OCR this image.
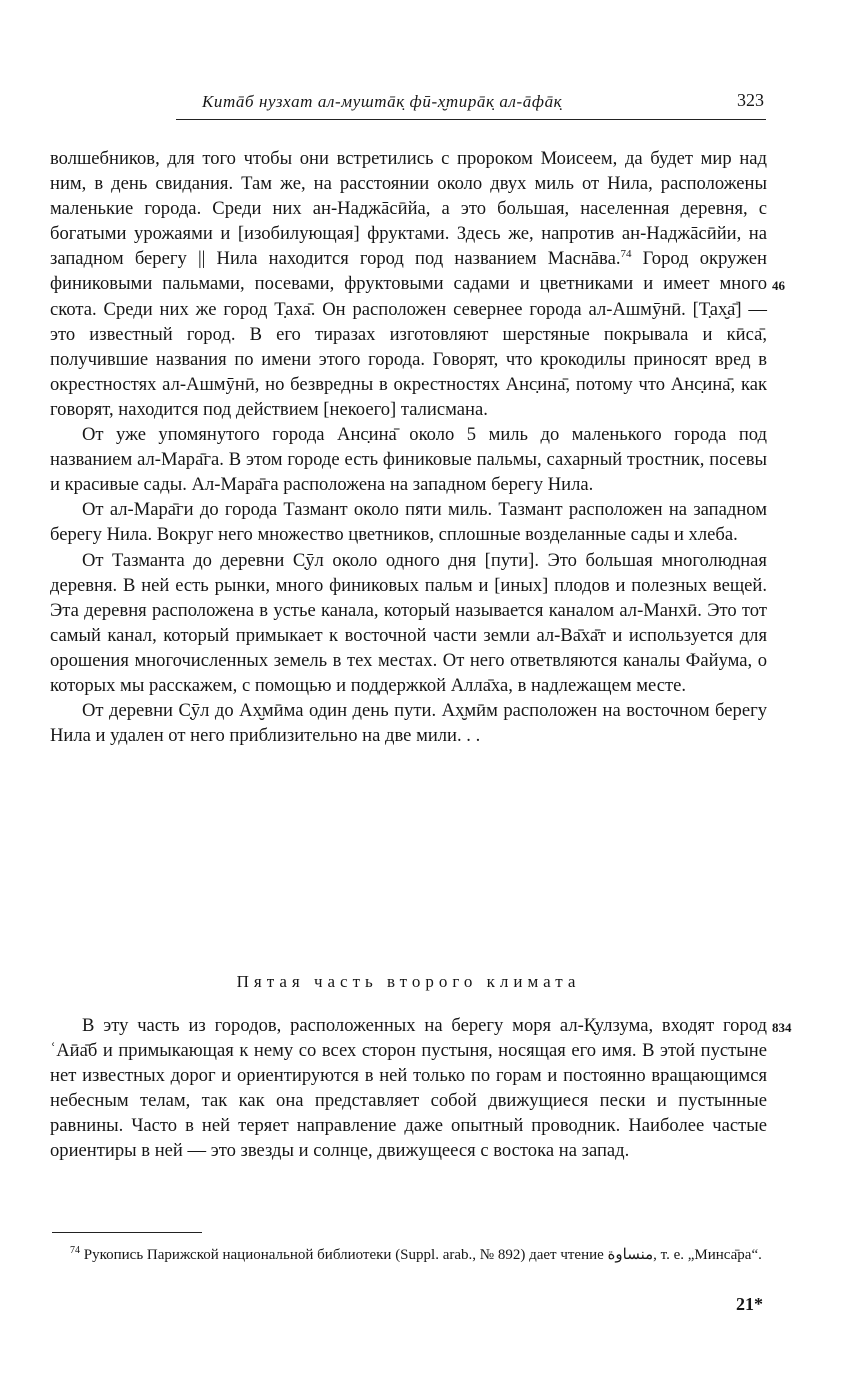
Китāб нузхат ал-муштāк̣ фӣ-х̮тирāк̣ ал-āфāк̣	323
46
834

волшебников, для того чтобы они встретились с пророком Моисеем, да будет мир над ним, в день свидания. Там же, на расстоянии около двух миль от Нила, расположены маленькие города. Среди них ан-Наджāсӣйа, а это большая, населенная деревня, с богатыми урожаями и [изобилующая] фруктами. Здесь же, напротив ан-Наджāсӣйи, на западном берегу || Нила находится город под названием Маснāва.$^{74}$ Город окружен финиковыми пальмами, посевами, фруктовыми садами и цветниками и имеет много скота. Среди них же город Т̣аха̄. Он расположен севернее города ал-Ашмӯнӣ. [Т̣ах̮а̄] — это известный город. В его тиразах изготовляют шерстяные покрывала и кӣса̄, получившие названия по имени этого города. Говорят, что крокодилы приносят вред в окрестностях ал-Ашмӯнӣ, но безвредны в окрестностях Анс̣ина̄, потому что Анс̣ина̄, как говорят, находится под действием [некоего] талисмана.

От уже упомянутого города Анс̣ина̄ около 5 миль до маленького города под названием ал-Мара̄га. В этом городе есть финиковые пальмы, сахарный тростник, посевы и красивые сады. Ал-Мара̄га расположена на западном берегу Нила.

От ал-Мара̄ги до города Тазмант около пяти миль. Тазмант расположен на западном берегу Нила. Вокруг него множество цветников, сплошные возделанные сады и хлеба.

От Тазманта до деревни С̣ӯл около одного дня [пути]. Это большая многолюдная деревня. В ней есть рынки, много финиковых пальм и [иных] плодов и полезных вещей. Эта деревня расположена в устье канала, который называется каналом ал-Манхӣ. Это тот самый канал, который примыкает к восточной части земли ал-Ва̄ха̄т и используется для орошения многочисленных земель в тех местах. От него ответвляются каналы Файума, о которых мы расскажем, с помощью и поддержкой Алла̄ха, в надлежащем месте.

От деревни С̣ӯл до Ах̮мӣма один день пути. Ах̮мӣм расположен на восточном берегу Нила и удален от него приблизительно на две мили. . .

Пятая часть второго климата

В эту часть из городов, расположенных на берегу моря ал-К̣улзума, входят город ʿАӣа̄б и примыкающая к нему со всех сторон пустыня, носящая его имя. В этой пустыне нет известных дорог и ориентируются в ней только по горам и постоянно вращающимся небесным телам, так как она представляет собой движущиеся пески и пустынные равнины. Часто в ней теряет направление даже опытный проводник. Наиболее частые ориентиры в ней — это звезды и солнце, движущееся с востока на запад.

$^{74}$ Рукопись Парижской национальной библиотеки (Suppl. arab., № 892) дает чтение منساوة, т. е. „Минса̄ра“.
21*
